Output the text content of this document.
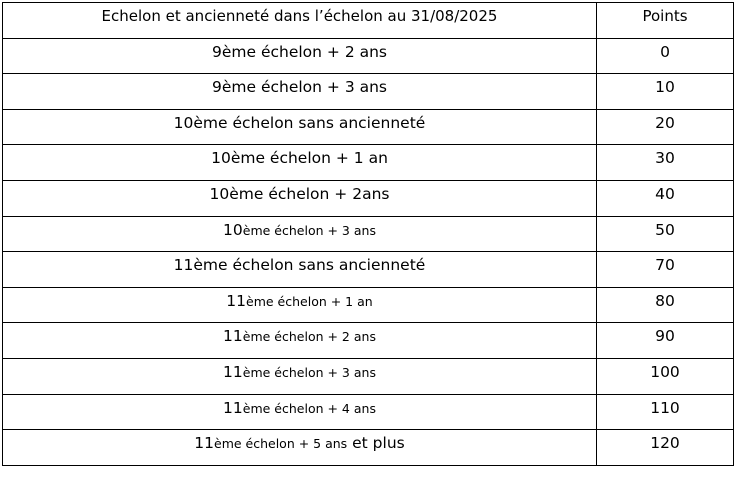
Echelon et ancienneté dans l’échelon au 31/08/2025	Points
9ème échelon + 2 ans	0
9ème échelon + 3 ans	10
10ème échelon sans ancienneté	20
10ème échelon + 1 an	30
10ème échelon + 2ans	40
10ème échelon + 3 ans	50
11ème échelon sans ancienneté	70
11ème échelon + 1 an	80
11ème échelon + 2 ans	90
11ème échelon + 3 ans	100
11ème échelon + 4 ans	110
11ème échelon + 5 ans et plus	120
